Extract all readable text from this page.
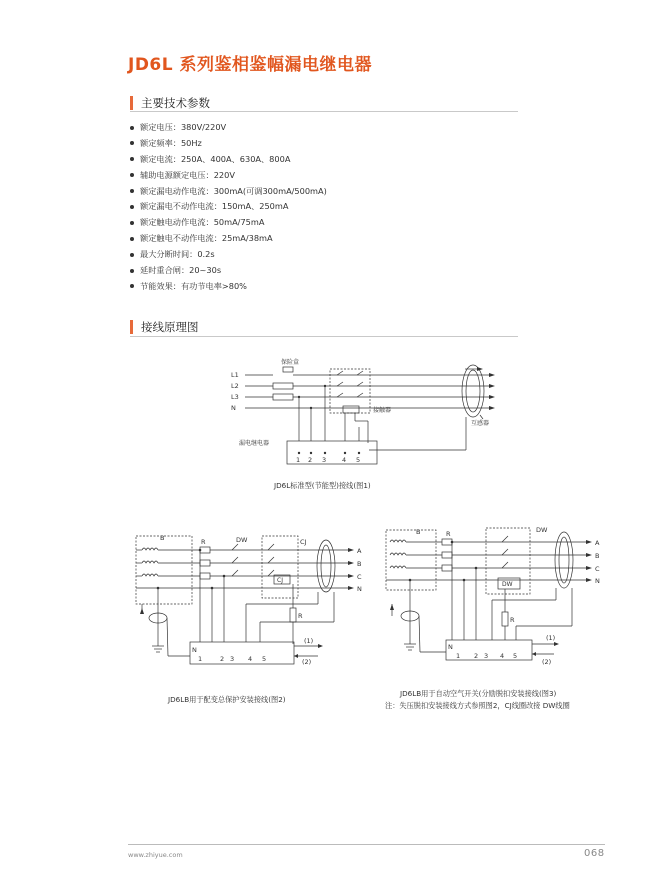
JD6L 系列鉴相鉴幅漏电继电器
主要技术参数
额定电压：380V/220V
额定频率：50Hz
额定电流：250A、400A、630A、800A
辅助电源额定电压：220V
额定漏电动作电流：300mA(可调300mA/500mA)
额定漏电不动作电流：150mA、250mA
额定触电动作电流：50mA/75mA
额定触电不动作电流：25mA/38mA
最大分断时间：0.2s
延时重合闸：20~30s
节能效果：有功节电率>80%
接线原理图
L1
L2
L3
N
保险盒
接触器
互感器
漏电继电器
1 2 3 4 5
JD6L标准型(节能型)接线(图1)
B	R	DW	CJ
CJ
R
A
B
C
N
N
1	2 3 4 5
(1)
(2)
JD6LB用于配变总保护安装接线(图2)
B	R	DW
DW
R
A
B
C
N
N
1 2 3 4 5
(1)
(2)
JD6LB用于自动空气开关(分励脱扣安装接线(图3)
注：失压脱扣安装接线方式参照图2，CJ线圈改接 DW线圈
www.zhiyue.com	068
